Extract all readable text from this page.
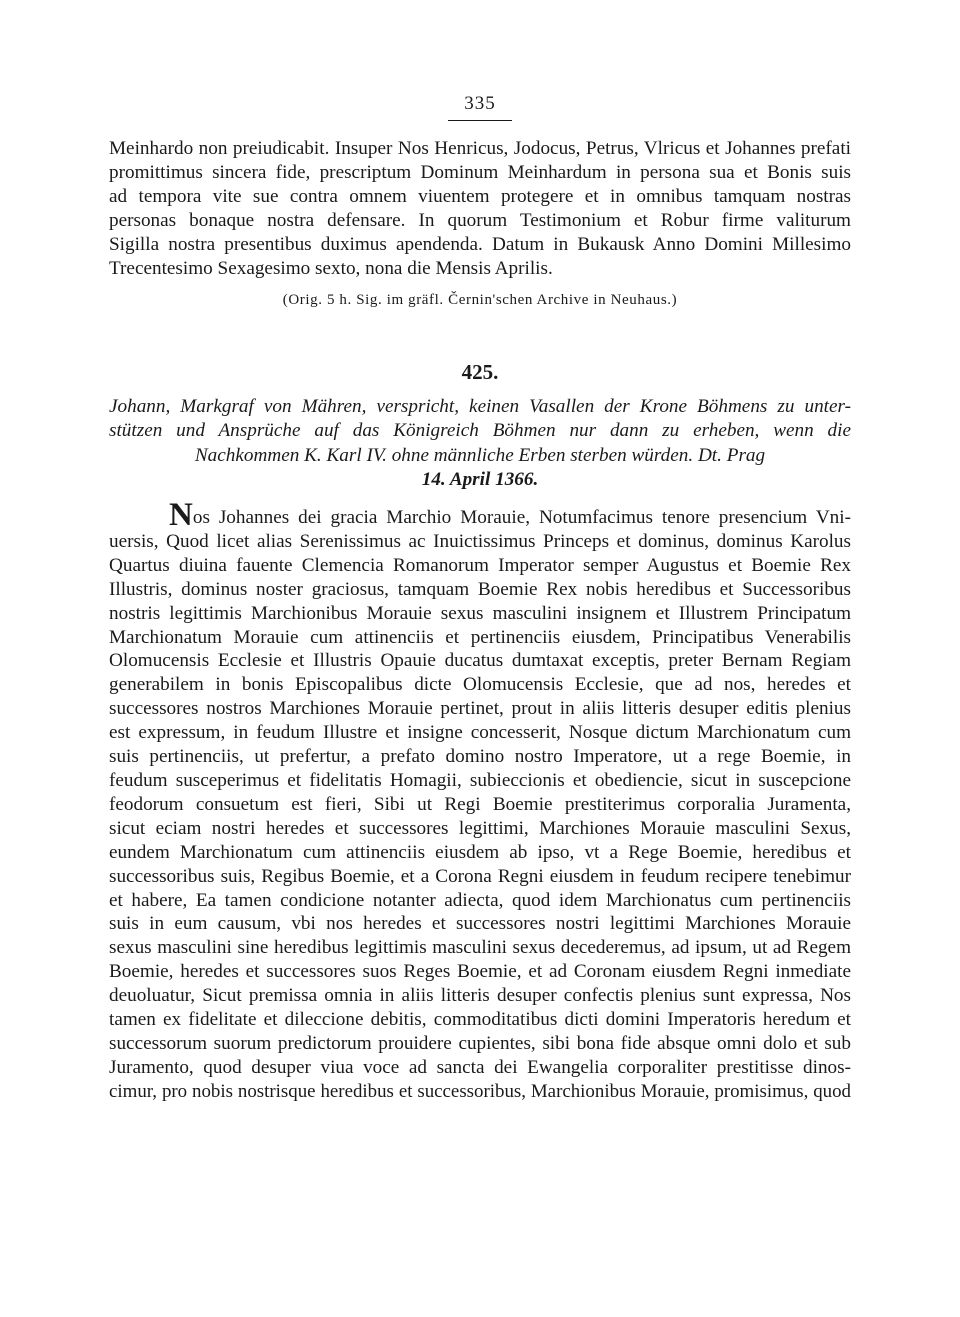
335
Meinhardo non preiudicabit. Insuper Nos Henricus, Jodocus, Petrus, Vlricus et Johannes prefati
promittimus sincera fide, prescriptum Dominum Meinhardum in persona sua et Bonis suis
ad tempora vite sue contra omnem viuentem protegere et in omnibus tamquam nostras
personas bonaque nostra defensare. In quorum Testimonium et Robur firme valiturum
Sigilla nostra presentibus duximus apendenda. Datum in Bukausk Anno Domini Millesimo
Trecentesimo Sexagesimo sexto, nona die Mensis Aprilis.
(Orig. 5 h. Sig. im gräfl. Černin'schen Archive in Neuhaus.)
425.
Johann, Markgraf von Mähren, verspricht, keinen Vasallen der Krone Böhmens zu unter-
stützen und Ansprüche auf das Königreich Böhmen nur dann zu erheben, wenn die
Nachkommen K. Karl IV. ohne männliche Erben sterben würden. Dt. Prag
14. April 1366.
Nos Johannes dei gracia Marchio Morauie, Notumfacimus tenore presencium Vni-
uersis, Quod licet alias Serenissimus ac Inuictissimus Princeps et dominus, dominus Karolus
Quartus diuina fauente Clemencia Romanorum Imperator semper Augustus et Boemie Rex
Illustris, dominus noster graciosus, tamquam Boemie Rex nobis heredibus et Successoribus
nostris legittimis Marchionibus Morauie sexus masculini insignem et Illustrem Principatum
Marchionatum Morauie cum attinenciis et pertinenciis eiusdem, Principatibus Venerabilis
Olomucensis Ecclesie et Illustris Opauie ducatus dumtaxat exceptis, preter Bernam Regiam
generabilem in bonis Episcopalibus dicte Olomucensis Ecclesie, que ad nos, heredes et
successores nostros Marchiones Morauie pertinet, prout in aliis litteris desuper editis plenius
est expressum, in feudum Illustre et insigne concesserit, Nosque dictum Marchionatum cum
suis pertinenciis, ut prefertur, a prefato domino nostro Imperatore, ut a rege Boemie, in
feudum susceperimus et fidelitatis Homagii, subieccionis et obediencie, sicut in suscepcione
feodorum consuetum est fieri, Sibi ut Regi Boemie prestiterimus corporalia Juramenta,
sicut eciam nostri heredes et successores legittimi, Marchiones Morauie masculini Sexus,
eundem Marchionatum cum attinenciis eiusdem ab ipso, vt a Rege Boemie, heredibus et
successoribus suis, Regibus Boemie, et a Corona Regni eiusdem in feudum recipere tenebimur
et habere, Ea tamen condicione notanter adiecta, quod idem Marchionatus cum pertinenciis
suis in eum causum, vbi nos heredes et successores nostri legittimi Marchiones Morauie
sexus masculini sine heredibus legittimis masculini sexus decederemus, ad ipsum, ut ad Regem
Boemie, heredes et successores suos Reges Boemie, et ad Coronam eiusdem Regni inmediate
deuoluatur, Sicut premissa omnia in aliis litteris desuper confectis plenius sunt expressa, Nos
tamen ex fidelitate et dileccione debitis, commoditatibus dicti domini Imperatoris heredum et
successorum suorum predictorum prouidere cupientes, sibi bona fide absque omni dolo et sub
Juramento, quod desuper viua voce ad sancta dei Ewangelia corporaliter prestitisse dinos-
cimur, pro nobis nostrisque heredibus et successoribus, Marchionibus Morauie, promisimus, quod
